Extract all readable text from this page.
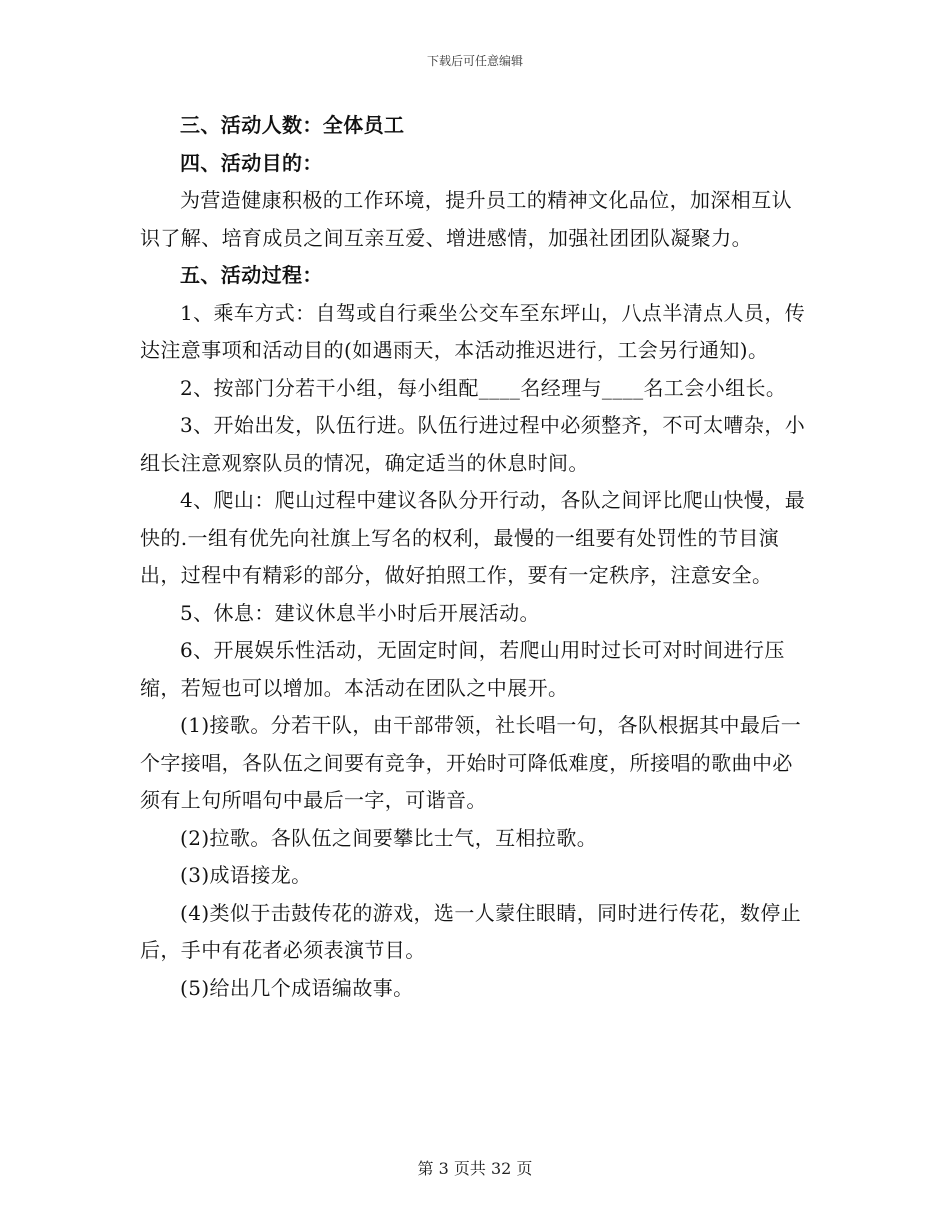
下载后可任意编辑

三、活动人数：全体员工

四、活动目的：

为营造健康积极的工作环境，提升员工的精神文化品位，加深相互认识了解、培育成员之间互亲互爱、增进感情，加强社团团队凝聚力。

五、活动过程：

1、乘车方式：自驾或自行乘坐公交车至东坪山，八点半清点人员，传达注意事项和活动目的(如遇雨天，本活动推迟进行，工会另行通知)。

2、按部门分若干小组，每小组配____名经理与____名工会小组长。

3、开始出发，队伍行进。队伍行进过程中必须整齐，不可太嘈杂，小组长注意观察队员的情况，确定适当的休息时间。

4、爬山：爬山过程中建议各队分开行动，各队之间评比爬山快慢，最快的.一组有优先向社旗上写名的权利，最慢的一组要有处罚性的节目演出，过程中有精彩的部分，做好拍照工作，要有一定秩序，注意安全。

5、休息：建议休息半小时后开展活动。

6、开展娱乐性活动，无固定时间，若爬山用时过长可对时间进行压缩，若短也可以增加。本活动在团队之中展开。

(1)接歌。分若干队，由干部带领，社长唱一句，各队根据其中最后一个字接唱，各队伍之间要有竞争，开始时可降低难度，所接唱的歌曲中必须有上句所唱句中最后一字，可谐音。

(2)拉歌。各队伍之间要攀比士气，互相拉歌。

(3)成语接龙。

(4)类似于击鼓传花的游戏，选一人蒙住眼睛，同时进行传花，数停止后，手中有花者必须表演节目。

(5)给出几个成语编故事。

第 3 页共 32 页
